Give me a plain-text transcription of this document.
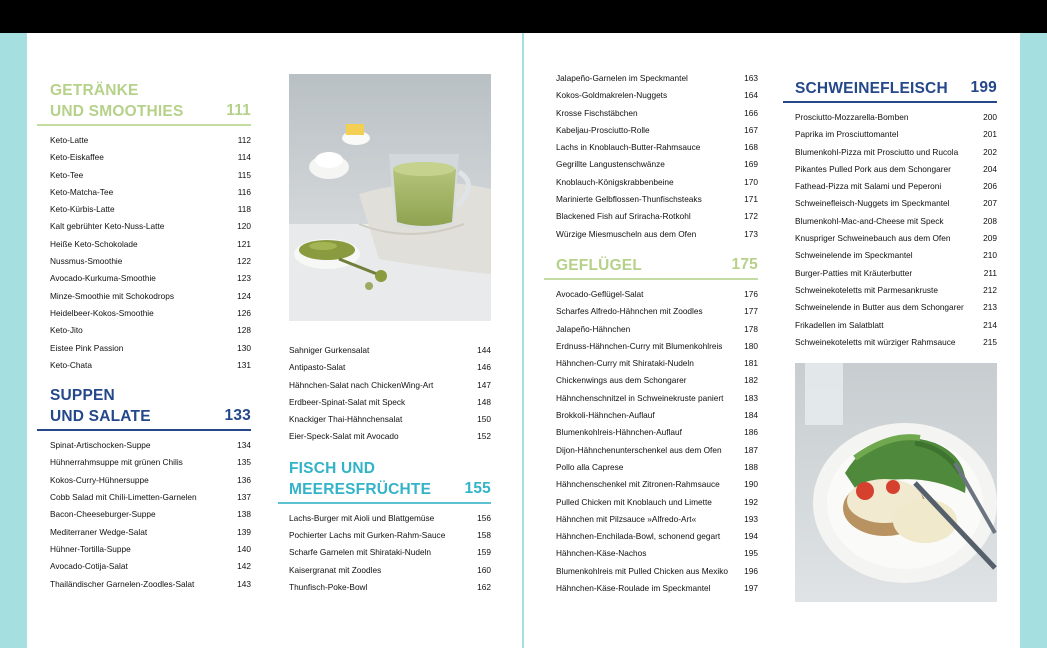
GETRÄNKE
UND SMOOTHIES	111
Keto-Latte	112
Keto-Eiskaffee	114
Keto-Tee	115
Keto-Matcha-Tee	116
Keto-Kürbis-Latte	118
Kalt gebrühter Keto-Nuss-Latte	120
Heiße Keto-Schokolade	121
Nussmus-Smoothie	122
Avocado-Kurkuma-Smoothie	123
Minze-Smoothie mit Schokodrops	124
Heidelbeer-Kokos-Smoothie	126
Keto-Jito	128
Eistee Pink Passion	130
Keto-Chata	131
SUPPEN
UND SALATE	133
Spinat-Artischocken-Suppe	134
Hühnerrahmsuppe mit grünen Chilis	135
Kokos-Curry-Hühnersuppe	136
Cobb Salad mit Chili-Limetten-Garnelen	137
Bacon-Cheeseburger-Suppe	138
Mediterraner Wedge-Salat	139
Hühner-Tortilla-Suppe	140
Avocado-Cotija-Salat	142
Thailändischer Garnelen-Zoodles-Salat	143
Sahniger Gurkensalat	144
Antipasto-Salat	146
Hähnchen-Salat nach ChickenWing-Art	147
Erdbeer-Spinat-Salat mit Speck	148
Knackiger Thai-Hähnchensalat	150
Eier-Speck-Salat mit Avocado	152
FISCH UND
MEERESFRÜCHTE	155
Lachs-Burger mit Aioli und Blattgemüse	156
Pochierter Lachs mit Gurken-Rahm-Sauce	158
Scharfe Garnelen mit Shirataki-Nudeln	159
Kaisergranat mit Zoodles	160
Thunfisch-Poke-Bowl	162
Jalapeño-Garnelen im Speckmantel	163
Kokos-Goldmakrelen-Nuggets	164
Krosse Fischstäbchen	166
Kabeljau-Prosciutto-Rolle	167
Lachs in Knoblauch-Butter-Rahmsauce	168
Gegrillte Langustenschwänze	169
Knoblauch-Königskrabbenbeine	170
Marinierte Gelbflossen-Thunfischsteaks	171
Blackened Fish auf Sriracha-Rotkohl	172
Würzige Miesmuscheln aus dem Ofen	173
GEFLÜGEL	175
Avocado-Geflügel-Salat	176
Scharfes Alfredo-Hähnchen mit Zoodles	177
Jalapeño-Hähnchen	178
Erdnuss-Hähnchen-Curry mit Blumenkohlreis	180
Hähnchen-Curry mit Shirataki-Nudeln	181
Chickenwings aus dem Schongarer	182
Hähnchenschnitzel in Schweinekruste paniert 183
Brokkoli-Hähnchen-Auflauf	184
Blumenkohlreis-Hähnchen-Auflauf	186
Dijon-Hähnchenunterschenkel aus dem Ofen	187
Pollo alla Caprese	188
Hähnchenschenkel mit Zitronen-Rahmsauce	190
Pulled Chicken mit Knoblauch und Limette	192
Hähnchen mit Pilzsauce »Alfredo-Art«	193
Hähnchen-Enchilada-Bowl, schonend gegart	194
Hähnchen-Käse-Nachos	195
Blumenkohlreis mit Pulled Chicken aus Mexiko 196
Hähnchen-Käse-Roulade im Speckmantel	197
SCHWEINEFLEISCH	199
Prosciutto-Mozzarella-Bomben	200
Paprika im Prosciuttomantel	201
Blumenkohl-Pizza mit Prosciutto und Rucola	202
Pikantes Pulled Pork aus dem Schongarer	204
Fathead-Pizza mit Salami und Peperoni	206
Schweinefleisch-Nuggets im Speckmantel	207
Blumenkohl-Mac-and-Cheese mit Speck	208
Knuspriger Schweinebauch aus dem Ofen	209
Schweinelende im Speckmantel	210
Burger-Patties mit Kräuterbutter	211
Schweinekoteletts mit Parmesankruste	212
Schweinelende in Butter aus dem Schongarer 213
Frikadellen im Salatblatt	214
Schweinekoteletts mit würziger Rahmsauce	215
